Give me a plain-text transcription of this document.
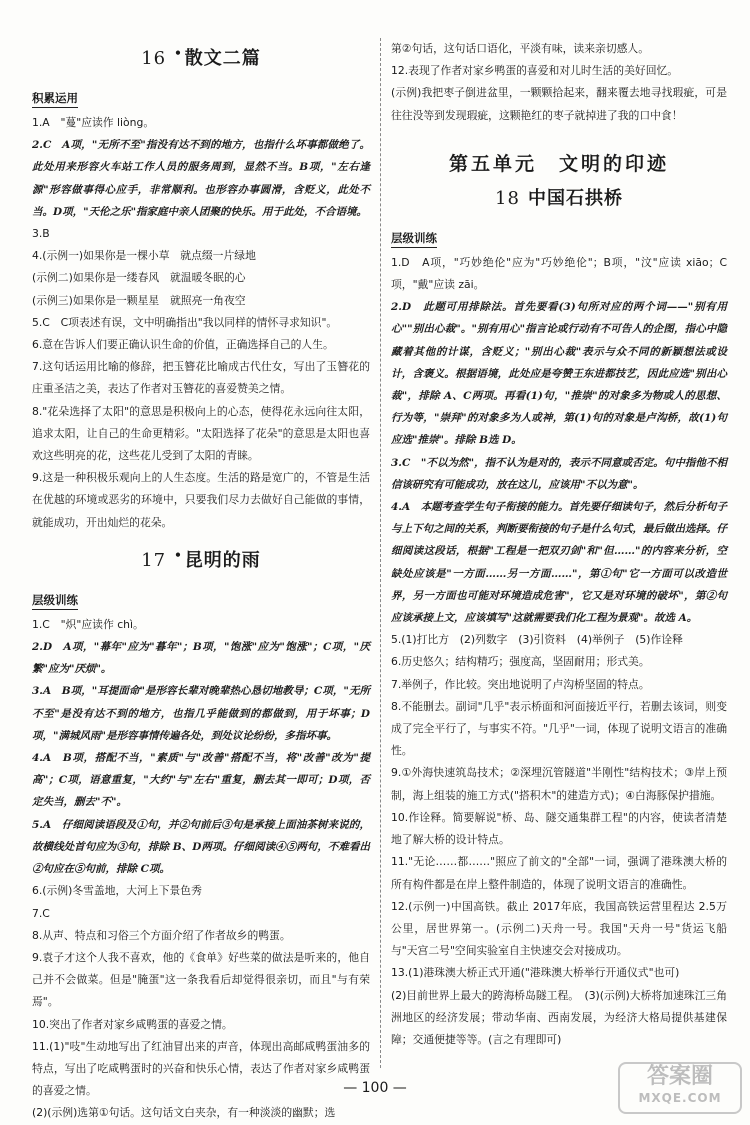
16 • 散文二篇
积累运用

1.A　"蔓"应读作 liòng。

2.C　A项，"无所不至"指没有达不到的地方，也指什么坏事都做绝了。此处用来形容火车站工作人员的服务周到，显然不当。B项，"左右逢源"形容做事得心应手，非常顺利。也形容办事圆滑，含贬义，此处不当。D项，"天伦之乐"指家庭中亲人团聚的快乐。用于此处，不合语境。

3.B

4.(示例一)如果你是一棵小草　就点缀一片绿地

(示例二)如果你是一缕春风　就温暖冬眠的心

(示例三)如果你是一颗星星　就照亮一角夜空

5.C　C项表述有误，文中明确指出"我以同样的情怀寻求知识"。

6.意在告诉人们要正确认识生命的价值，正确选择自己的人生。

7.这句话运用比喻的修辞，把玉簪花比喻成古代仕女，写出了玉簪花的庄重圣洁之美，表达了作者对玉簪花的喜爱赞美之情。

8."花朵选择了太阳"的意思是积极向上的心态，使得花永远向往太阳，追求太阳，让自己的生命更精彩。"太阳选择了花朵"的意思是太阳也喜欢这些明亮的花，这些花儿受到了太阳的青睐。

9.这是一种积极乐观向上的人生态度。生活的路是宽广的，不管是生活在优越的环境或恶劣的环境中，只要我们尽力去做好自己能做的事情，就能成功，开出灿烂的花朵。

17 • 昆明的雨
层级训练

1.C　"炽"应读作 chì。

2.D　A项，"幕年"应为"暮年"；B项，"饱涨"应为"饱涨"；C项，"厌繁"应为"厌烦"。

3.A　B项，"耳提面命"是形容长辈对晚辈热心恳切地教导；C项，"无所不至"是没有达不到的地方，也指几乎能做到的都做到，用于坏事；D项，"满城风雨"是形容事情传遍各处，到处议论纷纷，多指坏事。

4.A　B项，搭配不当，"素质"与"改善"搭配不当，将"改善"改为"提高"；C项，语意重复，"大约"与"左右"重复，删去其一即可；D项，否定失当，删去"不"。

5.A　仔细阅读语段及①句，并②句前后③句是承接上面油茶树来说的，故横线处首句应为③句，排除 B、D两项。仔细阅读④⑤两句，不难看出②句应在⑤句前，排除 C项。

6.(示例)冬雪盖地，大河上下景色秀

7.C

8.从声、特点和习俗三个方面介绍了作者故乡的鸭蛋。

9.袁子才这个人我不喜欢，他的《食单》好些菜的做法是听来的，他自己并不会做菜。但是"腌蛋"这一条我看后却觉得很亲切，而且"与有荣焉"。

10.突出了作者对家乡咸鸭蛋的喜爱之情。

11.(1)"吱"生动地写出了红油冒出来的声音，体现出高邮咸鸭蛋油多的特点，写出了吃咸鸭蛋时的兴奋和快乐心情，表达了作者对家乡咸鸭蛋的喜爱之情。

(2)(示例)选第①句话。这句话文白夹杂，有一种淡淡的幽默；选

第②句话，这句话口语化，平淡有味，读来亲切感人。

12.表现了作者对家乡鸭蛋的喜爱和对儿时生活的美好回忆。

(示例)我把枣子倒进盆里，一颗颗拾起来，翻来覆去地寻找瑕疵，可是往往没等到发现瑕疵，这颗艳红的枣子就掉进了我的口中食！

第五单元　文明的印迹
18 中国石拱桥
层级训练

1.D　A项，"巧妙绝伦"应为"巧妙绝伦"；B项，"汶"应读 xiāo；C项，"戴"应读 zāi。

2.D　此题可用排除法。首先要看(3)句所对应的两个词——"别有用心""别出心裁"。"别有用心"指言论或行动有不可告人的企图，指心中隐藏着其他的计谋，含贬义；"别出心裁"表示与众不同的新颖想法或设计，含褒义。根据语境，此处应是夸赞王东进都技艺，因此应选"别出心裁"，排除 A、C两项。再看(1)句，"推崇"的对象多为物或人的思想、行为等，"崇拜"的对象多为人或神，第(1)句的对象是卢沟桥，故(1)句应选"推崇"。排除 B选 D。

3.C　"不以为然"，指不认为是对的，表示不同意或否定。句中指他不相信该研究有可能成功，放在这儿，应该用"不以为意"。

4.A　本题考查学生句子衔接的能力。首先要仔细读句子，然后分析句子与上下句之间的关系，判断要衔接的句子是什么句式，最后做出选择。仔细阅读这段话，根据"工程是一把双刃剑"和"但……"的内容来分析，空缺处应该是"一方面……另一方面……"，第①句"它一方面可以改造世界，另一方面也可能对环境造成危害"，它又是对环境的破坏"，第②句应该承接上文，应该填写"这就需要我们化工程为景观"。故选 A。

5.(1)打比方　(2)列数字　(3)引资料　(4)举例子　(5)作诠释

6.历史悠久；结构精巧；强度高，坚固耐用；形式美。

7.举例子，作比较。突出地说明了卢沟桥坚固的特点。

8.不能删去。副词"几乎"表示桥面和河面接近平行，若删去该词，则变成了完全平行了，与事实不符。"几乎"一词，体现了说明文语言的准确性。

9.①外海快速筑岛技术；②深埋沉管隧道"半刚性"结构技术；③岸上预制，海上组装的施工方式("搭积木"的建造方式)；④白海豚保护措施。

10.作诠释。简要解说"桥、岛、隧交通集群工程"的内容，使读者清楚地了解大桥的设计特点。

11."无论……都……"照应了前文的"全部"一词，强调了港珠澳大桥的所有构件都是在岸上整件制造的，体现了说明文语言的准确性。

12.(示例一)中国高铁。截止 2017年底，我国高铁运营里程达 2.5万公里，居世界第一。(示例二)天舟一号。我国"天舟一号"货运飞船与"天宫二号"空间实验室自主快速交会对接成功。

13.(1)港珠澳大桥正式开通("港珠澳大桥举行开通仪式"也可)

(2)目前世界上最大的跨海桥岛隧工程。　(3)(示例)大桥将加速珠江三角洲地区的经济发展；带动华南、西南发展，为经济大格局提供基建保障；交通便捷等等。(言之有理即可)

— 100 —	答案圈
MXQE.COM
